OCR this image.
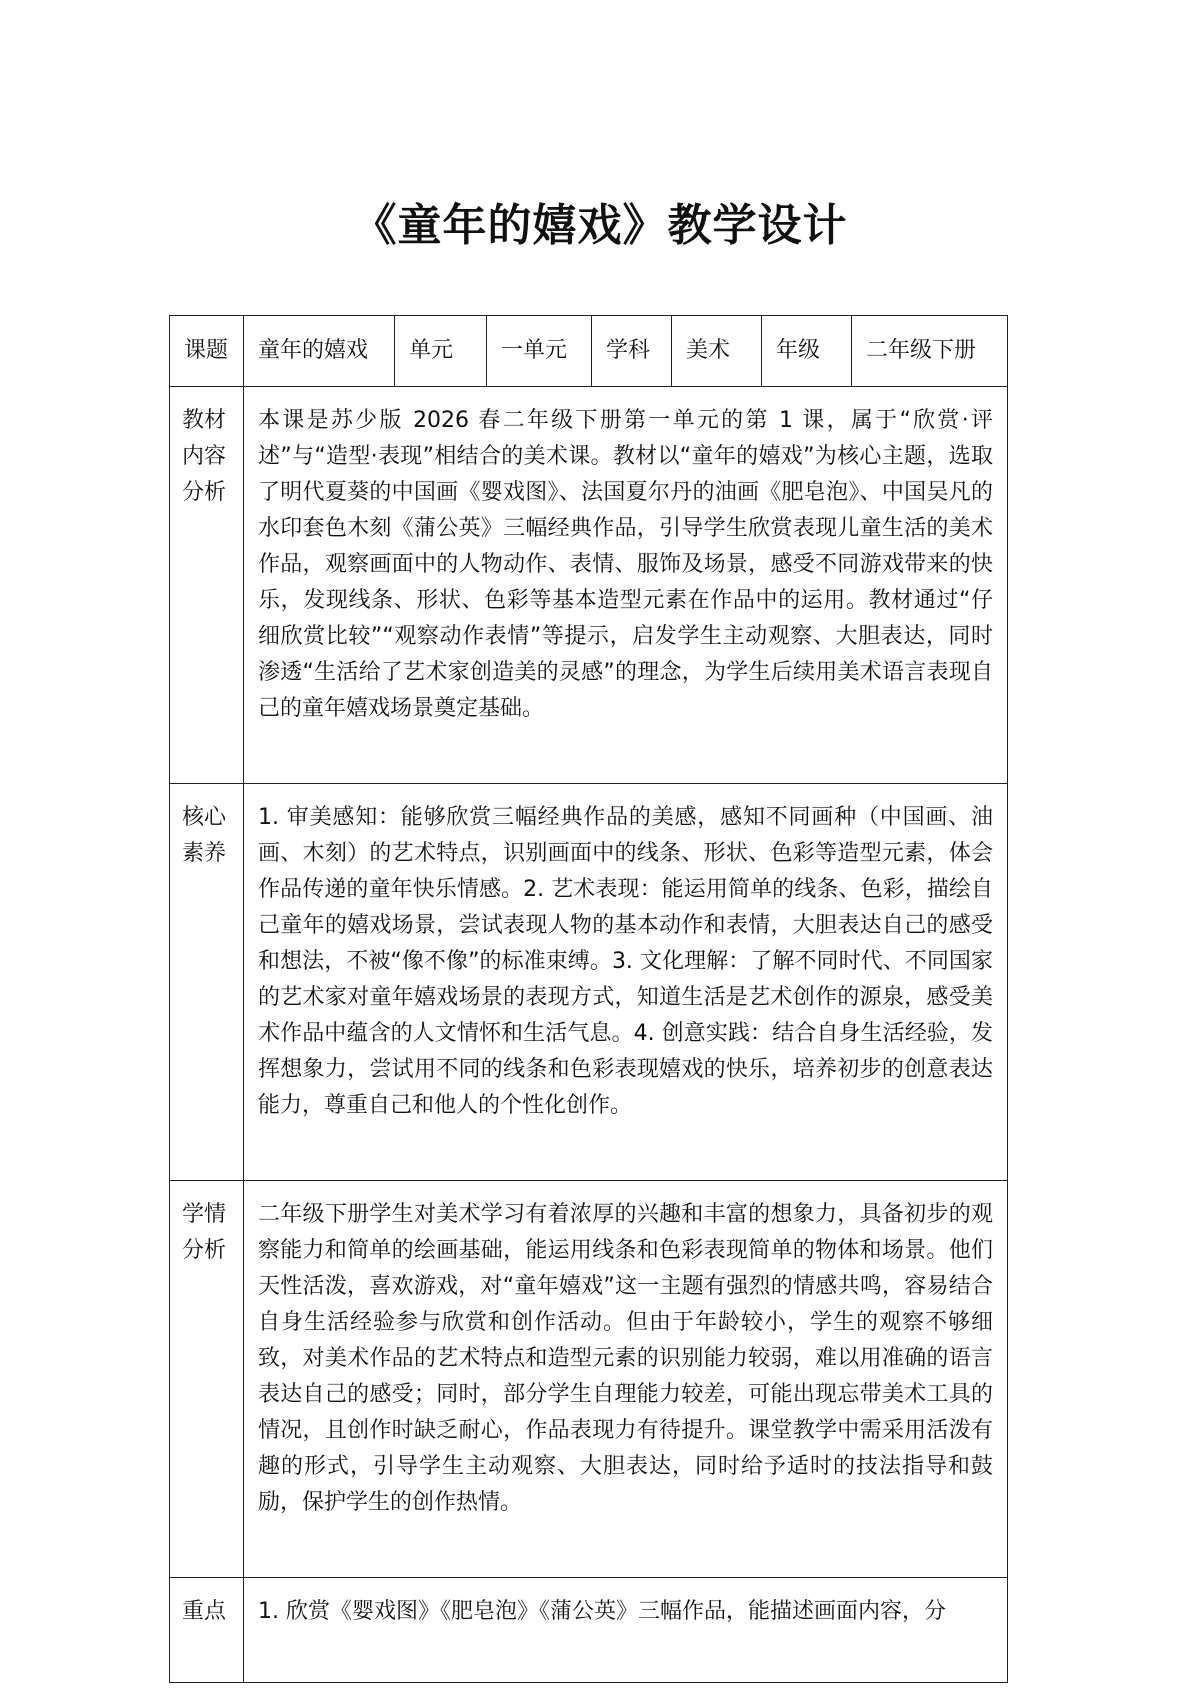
《童年的嬉戏》教学设计
课题	童年的嬉戏	单元	一单元	学科	美术	年级	二年级下册

教材内容分析	本课是苏少版 2026 春二年级下册第一单元的第 1 课，属于“欣赏·评述”与“造型·表现”相结合的美术课。教材以“童年的嬉戏”为核心主题，选取了明代夏葵的中国画《婴戏图》、法国夏尔丹的油画《肥皂泡》、中国吴凡的水印套色木刻《蒲公英》三幅经典作品，引导学生欣赏表现儿童生活的美术作品，观察画面中的人物动作、表情、服饰及场景，感受不同游戏带来的快乐，发现线条、形状、色彩等基本造型元素在作品中的运用。教材通过“仔细欣赏比较”“观察动作表情”等提示，启发学生主动观察、大胆表达，同时渗透“生活给了艺术家创造美的灵感”的理念，为学生后续用美术语言表现自己的童年嬉戏场景奠定基础。						

核心素养	1. 审美感知：能够欣赏三幅经典作品的美感，感知不同画种（中国画、油画、木刻）的艺术特点，识别画面中的线条、形状、色彩等造型元素，体会作品传递的童年快乐情感。2. 艺术表现：能运用简单的线条、色彩，描绘自己童年的嬉戏场景，尝试表现人物的基本动作和表情，大胆表达自己的感受和想法，不被“像不像”的标准束缚。3. 文化理解：了解不同时代、不同国家的艺术家对童年嬉戏场景的表现方式，知道生活是艺术创作的源泉，感受美术作品中蕴含的人文情怀和生活气息。4. 创意实践：结合自身生活经验，发挥想象力，尝试用不同的线条和色彩表现嬉戏的快乐，培养初步的创意表达能力，尊重自己和他人的个性化创作。						

学情分析	二年级下册学生对美术学习有着浓厚的兴趣和丰富的想象力，具备初步的观察能力和简单的绘画基础，能运用线条和色彩表现简单的物体和场景。他们天性活泼，喜欢游戏，对“童年嬉戏”这一主题有强烈的情感共鸣，容易结合自身生活经验参与欣赏和创作活动。但由于年龄较小，学生的观察不够细致，对美术作品的艺术特点和造型元素的识别能力较弱，难以用准确的语言表达自己的感受；同时，部分学生自理能力较差，可能出现忘带美术工具的情况，且创作时缺乏耐心，作品表现力有待提升。课堂教学中需采用活泼有趣的形式，引导学生主动观察、大胆表达，同时给予适时的技法指导和鼓励，保护学生的创作热情。						

重点	1. 欣赏《婴戏图》《肥皂泡》《蒲公英》三幅作品，能描述画面内容，分						
